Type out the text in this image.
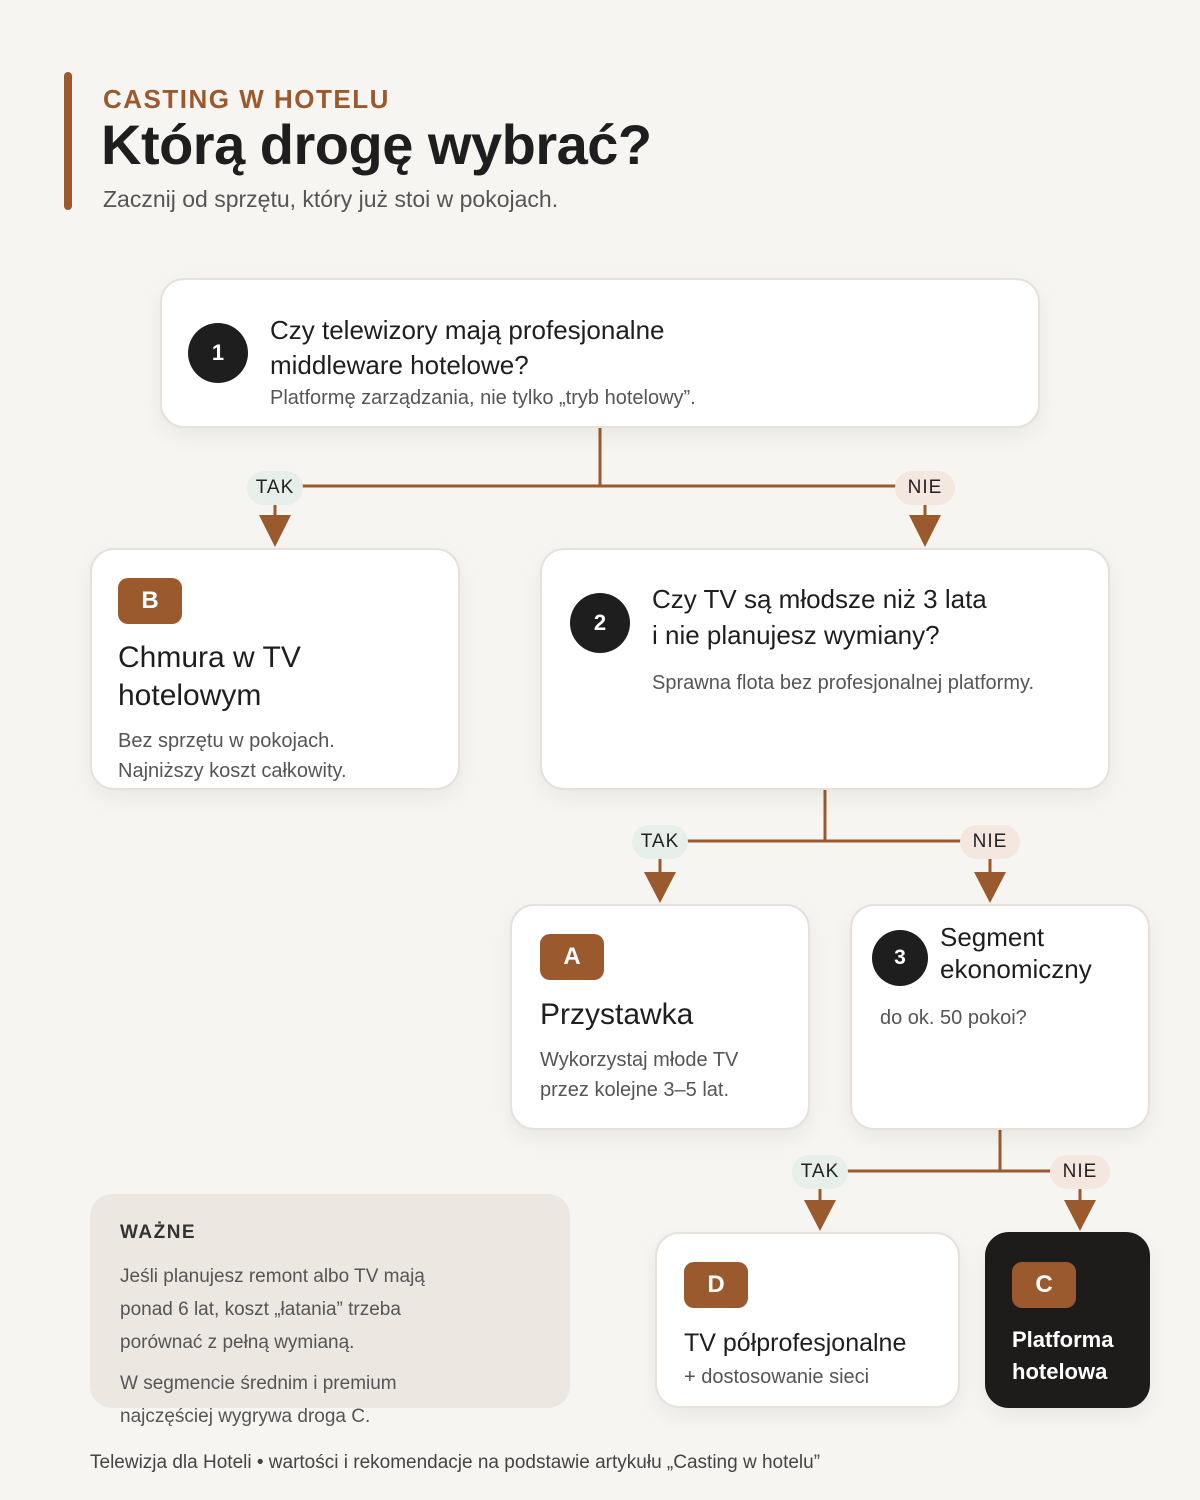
CASTING W HOTELU
Którą drogę wybrać?
Zacznij od sprzętu, który już stoi w pokojach.
TAK	NIE
TAK	NIE
TAK	NIE
1
Czy telewizory mają profesjonalne
middleware hotelowe?
Platformę zarządzania, nie tylko „tryb hotelowy”.
B
Chmura w TV
hotelowym
Bez sprzętu w pokojach.
Najniższy koszt całkowity.
2
Czy TV są młodsze niż 3 lata
i nie planujesz wymiany?
Sprawna flota bez profesjonalnej platformy.
A
Przystawka
Wykorzystaj młode TV
przez kolejne 3–5 lat.
3
Segment
ekonomiczny
do ok. 50 pokoi?
WAŻNE
Jeśli planujesz remont albo TV mają
ponad 6 lat, koszt „łatania” trzeba
porównać z pełną wymianą.
W segmencie średnim i premium
najczęściej wygrywa droga C.
D
TV półprofesjonalne
+ dostosowanie sieci
C
Platforma
hotelowa
Telewizja dla Hoteli • wartości i rekomendacje na podstawie artykułu „Casting w hotelu”
